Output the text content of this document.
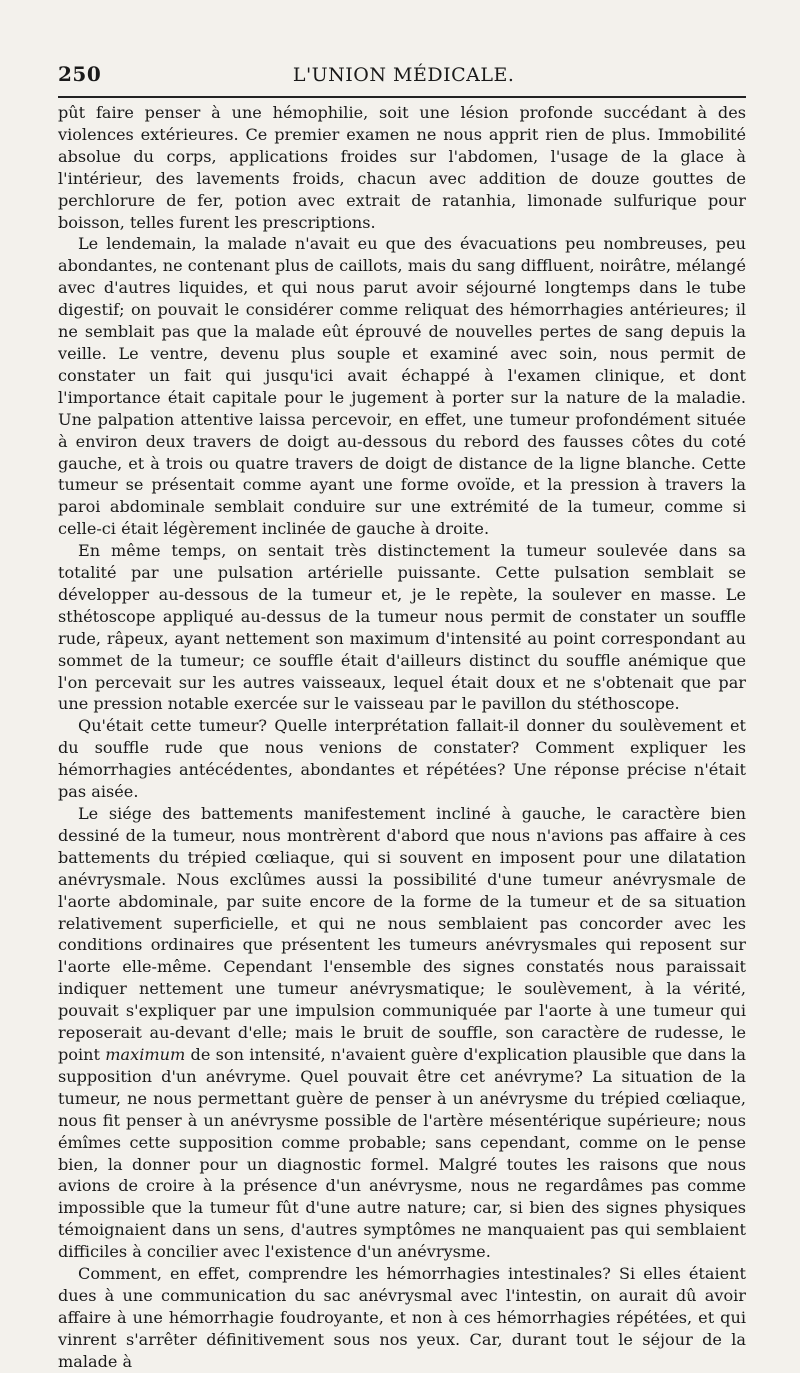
250	L'UNION MÉDICALE.

pût faire penser à une hémophilie, soit une lésion profonde succédant à des violences extérieures. Ce premier examen ne nous apprit rien de plus. Immobilité absolue du corps, applications froides sur l'abdomen, l'usage de la glace à l'intérieur, des lavements froids, chacun avec addition de douze gouttes de perchlorure de fer, potion avec extrait de ratanhia, limonade sulfurique pour boisson, telles furent les prescriptions.

Le lendemain, la malade n'avait eu que des évacuations peu nombreuses, peu abondantes, ne contenant plus de caillots, mais du sang diffluent, noirâtre, mélangé avec d'autres liquides, et qui nous parut avoir séjourné longtemps dans le tube digestif; on pouvait le considérer comme reliquat des hémorrhagies antérieures; il ne semblait pas que la malade eût éprouvé de nouvelles pertes de sang depuis la veille. Le ventre, devenu plus souple et examiné avec soin, nous permit de constater un fait qui jusqu'ici avait échappé à l'examen clinique, et dont l'importance était capitale pour le jugement à porter sur la nature de la maladie. Une palpation attentive laissa percevoir, en effet, une tumeur profondément située à environ deux travers de doigt au-dessous du rebord des fausses côtes du coté gauche, et à trois ou quatre travers de doigt de distance de la ligne blanche. Cette tumeur se présentait comme ayant une forme ovoïde, et la pression à travers la paroi abdominale semblait conduire sur une extrémité de la tumeur, comme si celle-ci était légèrement inclinée de gauche à droite.

En même temps, on sentait très distinctement la tumeur soulevée dans sa totalité par une pulsation artérielle puissante. Cette pulsation semblait se développer au-dessous de la tumeur et, je le repète, la soulever en masse. Le sthétoscope appliqué au-dessus de la tumeur nous permit de constater un souffle rude, râpeux, ayant nettement son maximum d'intensité au point correspondant au sommet de la tumeur; ce souffle était d'ailleurs distinct du souffle anémique que l'on percevait sur les autres vaisseaux, lequel était doux et ne s'obtenait que par une pression notable exercée sur le vaisseau par le pavillon du stéthoscope.

Qu'était cette tumeur? Quelle interprétation fallait-il donner du soulèvement et du souffle rude que nous venions de constater? Comment expliquer les hémorrhagies antécédentes, abondantes et répétées? Une réponse précise n'était pas aisée.

Le siége des battements manifestement incliné à gauche, le caractère bien dessiné de la tumeur, nous montrèrent d'abord que nous n'avions pas affaire à ces battements du trépied cœliaque, qui si souvent en imposent pour une dilatation anévrysmale. Nous exclûmes aussi la possibilité d'une tumeur anévrysmale de l'aorte abdominale, par suite encore de la forme de la tumeur et de sa situation relativement superficielle, et qui ne nous semblaient pas concorder avec les conditions ordinaires que présentent les tumeurs anévrysmales qui reposent sur l'aorte elle-même. Cependant l'ensemble des signes constatés nous paraissait indiquer nettement une tumeur anévrysmatique; le soulèvement, à la vérité, pouvait s'expliquer par une impulsion communiquée par l'aorte à une tumeur qui reposerait au-devant d'elle; mais le bruit de souffle, son caractère de rudesse, le point maximum de son intensité, n'avaient guère d'explication plausible que dans la supposition d'un anévryme. Quel pouvait être cet anévryme? La situation de la tumeur, ne nous permettant guère de penser à un anévrysme du trépied cœliaque, nous fit penser à un anévrysme possible de l'artère mésentérique supérieure; nous émîmes cette supposition comme probable; sans cependant, comme on le pense bien, la donner pour un diagnostic formel. Malgré toutes les raisons que nous avions de croire à la présence d'un anévrysme, nous ne regardâmes pas comme impossible que la tumeur fût d'une autre nature; car, si bien des signes physiques témoignaient dans un sens, d'autres symptômes ne manquaient pas qui semblaient difficiles à concilier avec l'existence d'un anévrysme.

Comment, en effet, comprendre les hémorrhagies intestinales? Si elles étaient dues à une communication du sac anévrysmal avec l'intestin, on aurait dû avoir affaire à une hémorrhagie foudroyante, et non à ces hémorrhagies répétées, et qui vinrent s'arrêter définitivement sous nos yeux. Car, durant tout le séjour de la malade à
